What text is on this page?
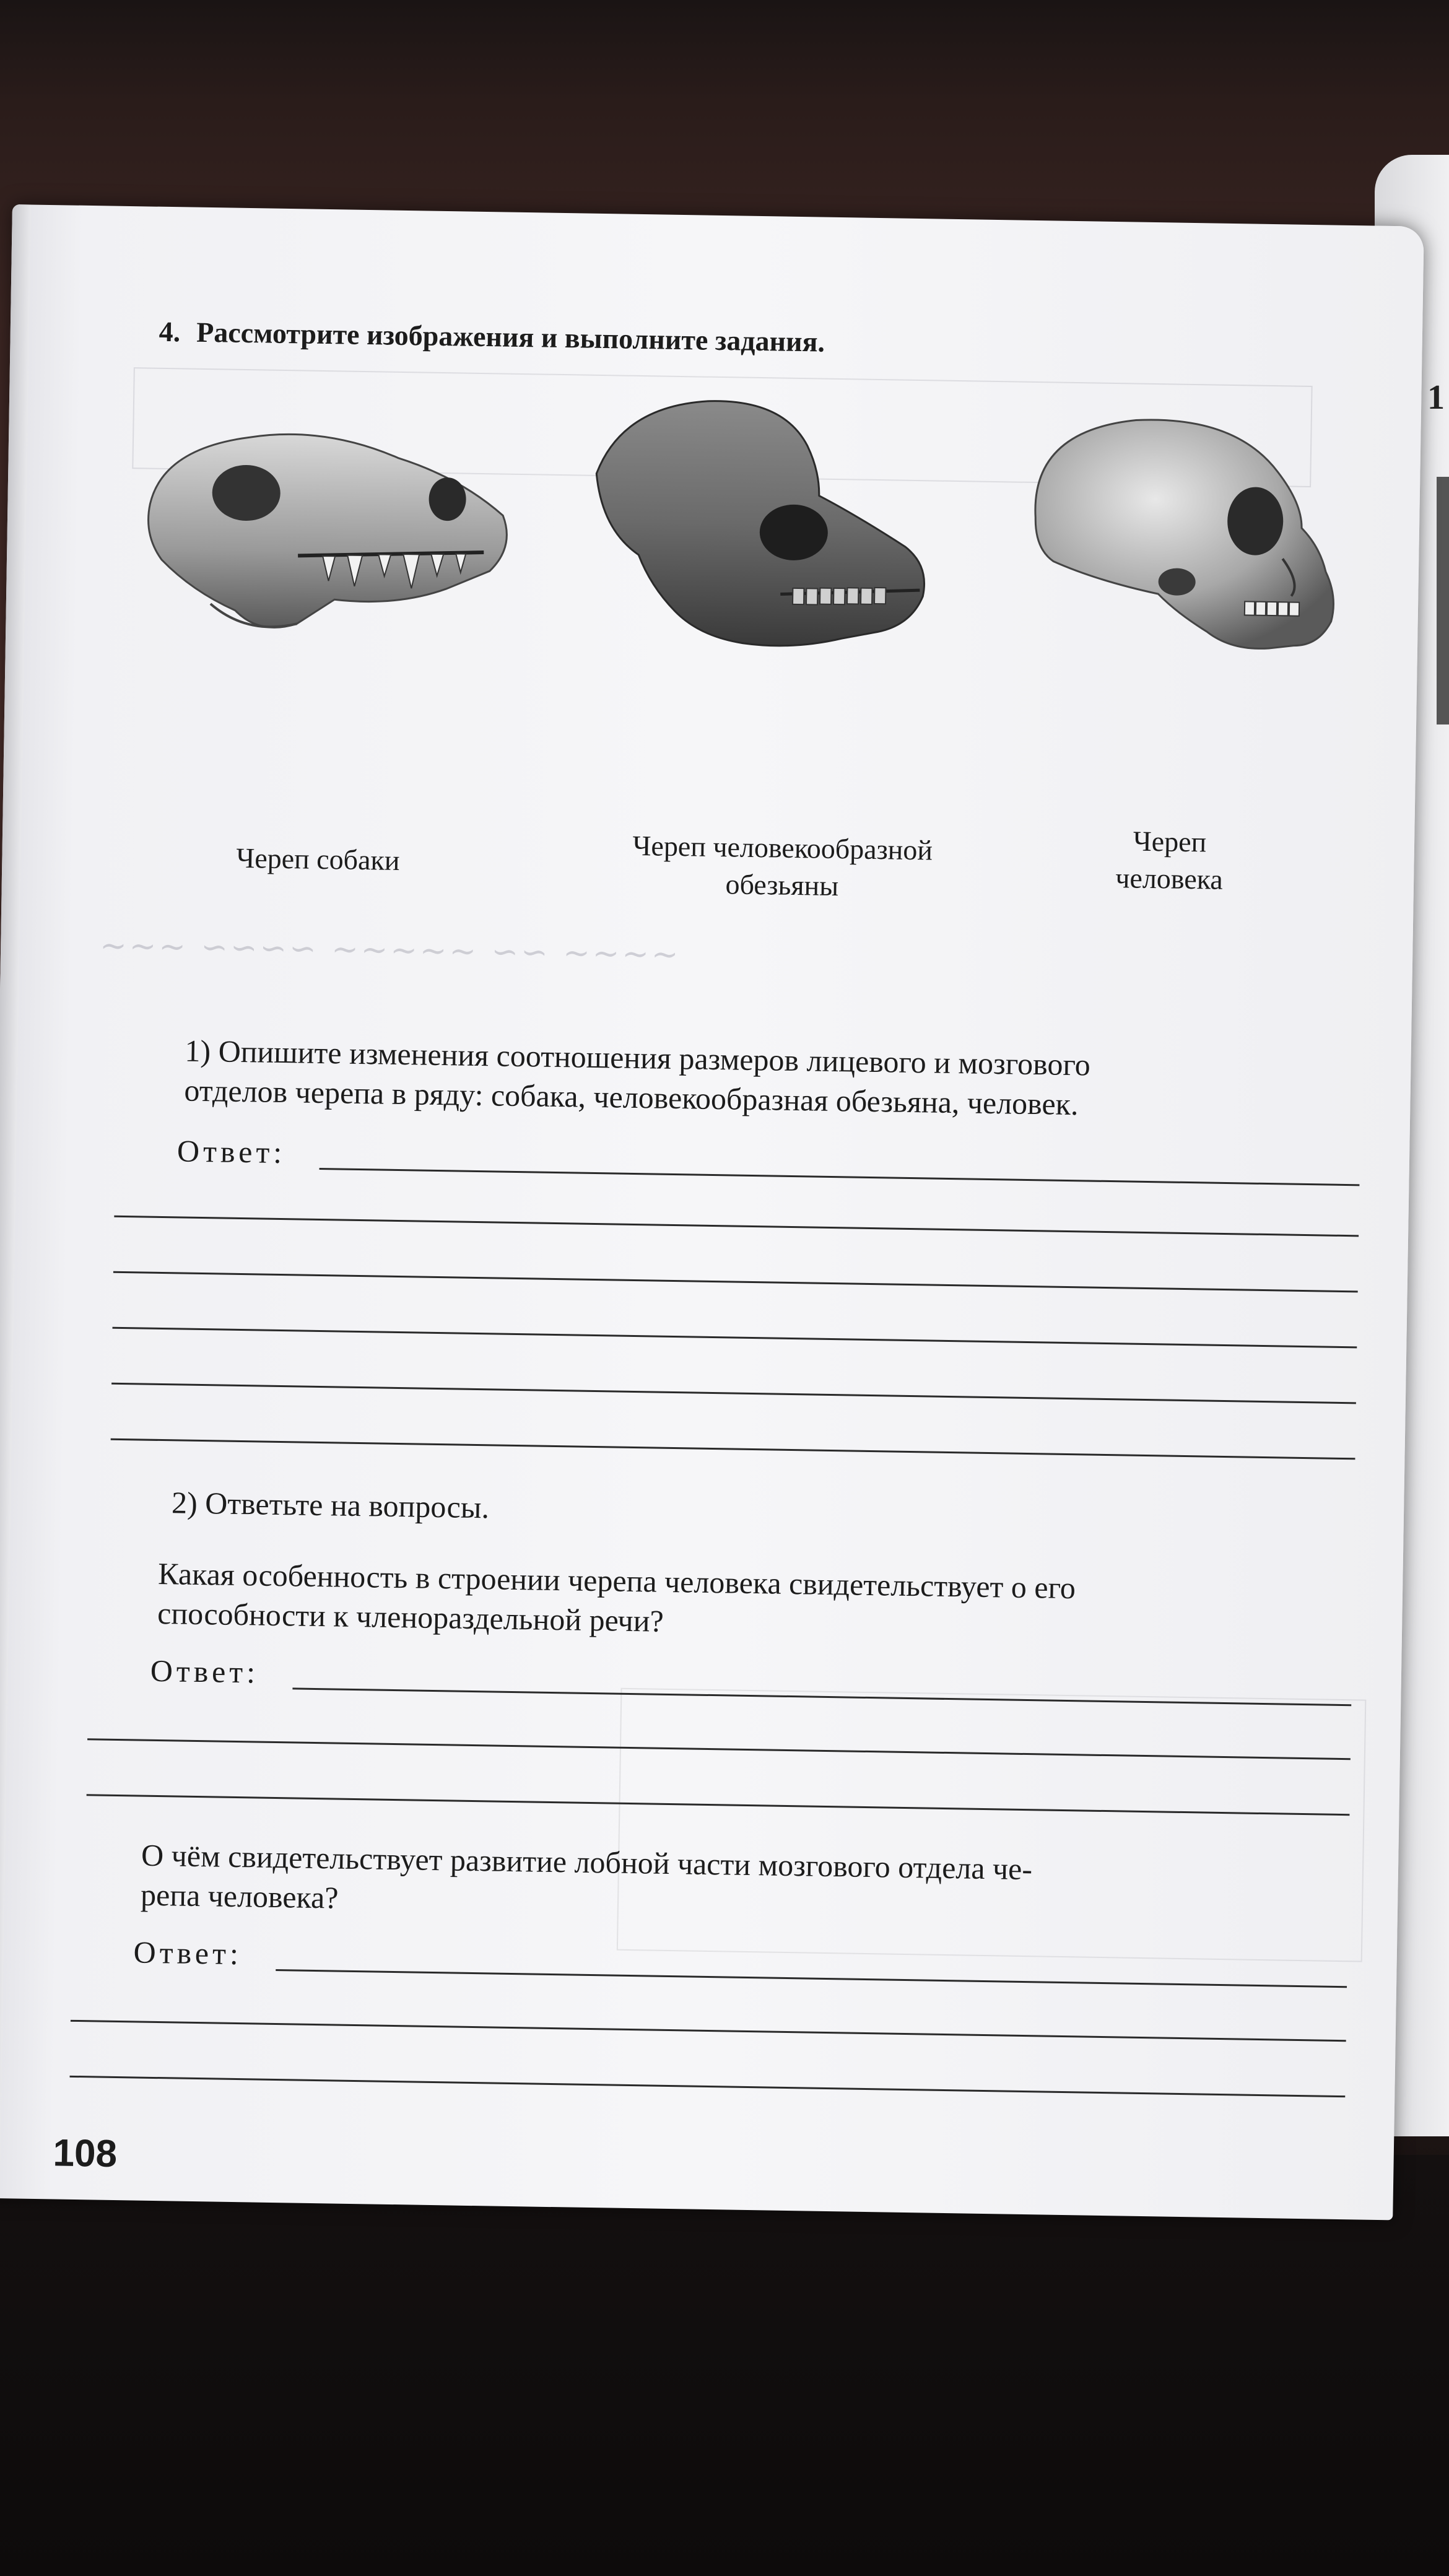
1
~~~ ∽∽∽∽ ~~~~~ ∽∽ ~~~~
4. Рассмотрите изображения и выполните задания.
Череп собаки	Череп человекообразной
обезьяны
Череп
человека
1) Опишите изменения соотношения размеров лицевого и мозгового
отделов черепа в ряду: собака, человекообразная обезьяна, человек.
Ответ:
2) Ответьте на вопросы.
Какая особенность в строении черепа человека свидетельствует о его
способности к членораздельной речи?
Ответ:
О чём свидетельствует развитие лобной части мозгового отдела че-
репа человека?
Ответ:
108
